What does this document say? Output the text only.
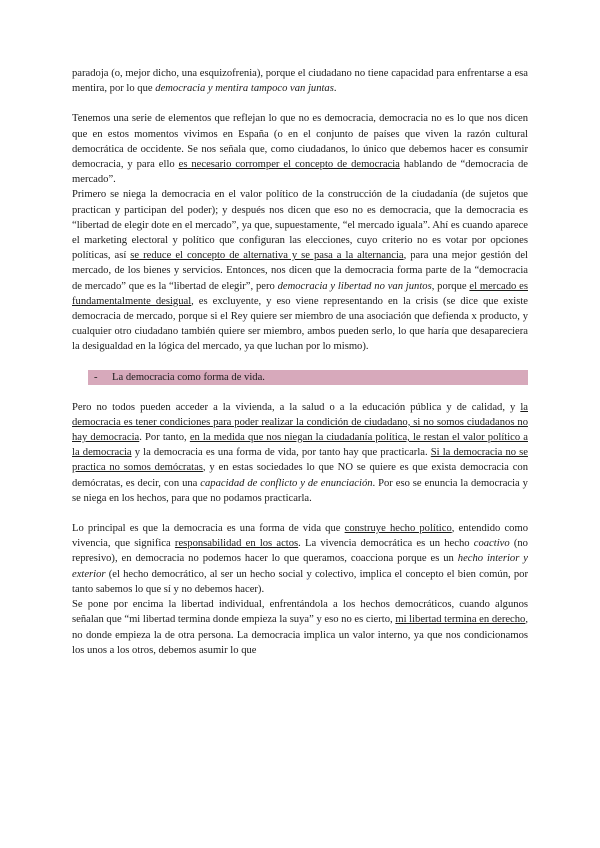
paradoja (o, mejor dicho, una esquizofrenia), porque el ciudadano no tiene capacidad para enfrentarse a esa mentira, por lo que democracia y mentira tampoco van juntas.

Tenemos una serie de elementos que reflejan lo que no es democracia, democracia no es lo que nos dicen que en estos momentos vivimos en España (o en el conjunto de países que viven la razón cultural democrática de occidente. Se nos señala que, como ciudadanos, lo único que debemos hacer es consumir democracia, y para ello es necesario corromper el concepto de democracia hablando de “democracia de mercado”.

Primero se niega la democracia en el valor político de la construcción de la ciudadanía (de sujetos que practican y participan del poder); y después nos dicen que eso no es democracia, que la democracia es “libertad de elegir dote en el mercado”, ya que, supuestamente, “el mercado iguala”. Ahí es cuando aparece el marketing electoral y político que configuran las elecciones, cuyo criterio no es votar por opciones políticas, así se reduce el concepto de alternativa y se pasa a la alternancia, para una mejor gestión del mercado, de los bienes y servicios. Entonces, nos dicen que la democracia forma parte de la “democracia de mercado” que es la “libertad de elegir”, pero democracia y libertad no van juntos, porque el mercado es fundamentalmente desigual, es excluyente, y eso viene representando en la crisis (se dice que existe democracia de mercado, porque si el Rey quiere ser miembro de una asociación que defienda x producto, y cualquier otro ciudadano también quiere ser miembro, ambos pueden serlo, lo que haría que desapareciera la desigualdad en la lógica del mercado, ya que luchan por lo mismo).

-	La democracia como forma de vida.

Pero no todos pueden acceder a la vivienda, a la salud o a la educación pública y de calidad, y la democracia es tener condiciones para poder realizar la condición de ciudadano, si no somos ciudadanos no hay democracia. Por tanto, en la medida que nos niegan la ciudadanía política, le restan el valor político a la democracia y la democracia es una forma de vida, por tanto hay que practicarla. Si la democracia no se practica no somos demócratas, y en estas sociedades lo que NO se quiere es que exista democracia con demócratas, es decir, con una capacidad de conflicto y de enunciación. Por eso se enuncia la democracia y se niega en los hechos, para que no podamos practicarla.

Lo principal es que la democracia es una forma de vida que construye hecho político, entendido como vivencia, que significa responsabilidad en los actos. La vivencia democrática es un hecho coactivo (no represivo), en democracia no podemos hacer lo que queramos, coacciona porque es un hecho interior y exterior (el hecho democrático, al ser un hecho social y colectivo, implica el concepto el bien común, por tanto sabemos lo que sí y no debemos hacer).

Se pone por encima la libertad individual, enfrentándola a los hechos democráticos, cuando algunos señalan que “mi libertad termina donde empieza la suya” y eso no es cierto, mi libertad termina en derecho, no donde empieza la de otra persona. La democracia implica un valor interno, ya que nos condicionamos los unos a los otros, debemos asumir lo que
